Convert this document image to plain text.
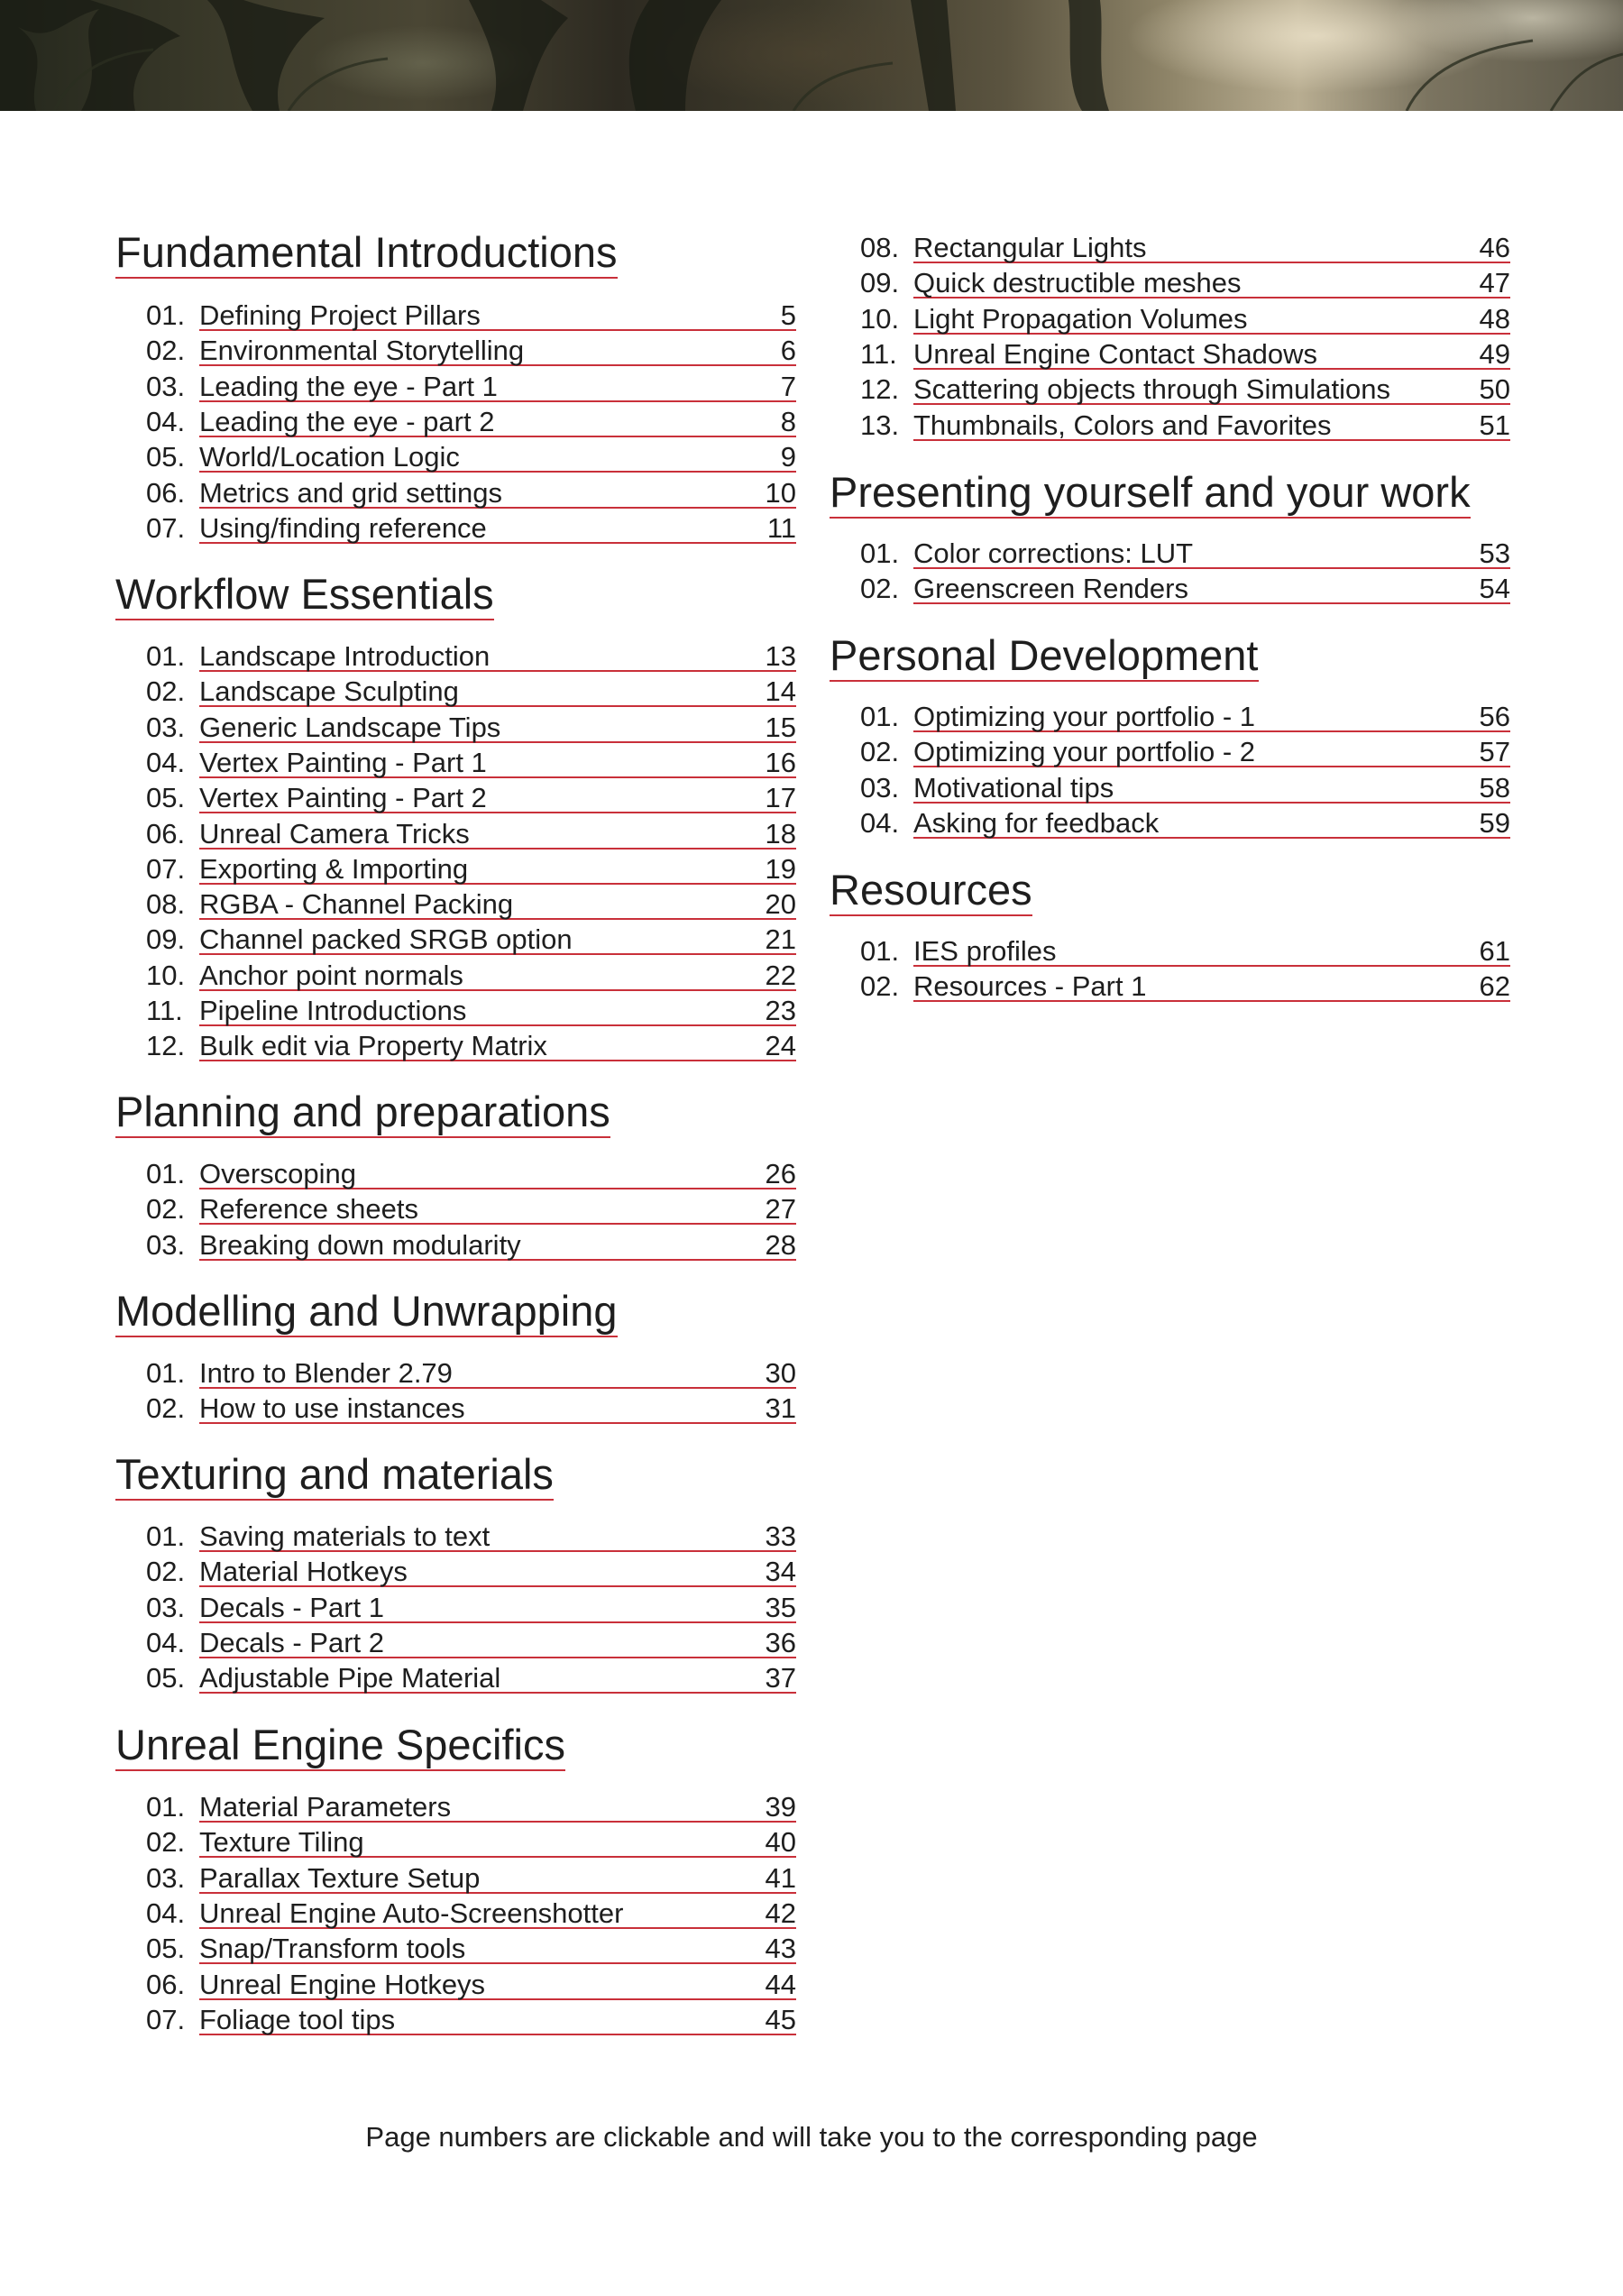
Fundamental Introductions
01. Defining Project Pillars	5
02. Environmental Storytelling	6
03. Leading the eye - Part 1	7
04. Leading the eye - part 2	8
05. World/Location Logic	9
06. Metrics and grid settings	10
07. Using/finding reference	11
Workflow Essentials
01. Landscape Introduction	13
02. Landscape Sculpting	14
03. Generic Landscape Tips	15
04. Vertex Painting - Part 1	16
05. Vertex Painting - Part 2	17
06. Unreal Camera Tricks	18
07. Exporting & Importing	19
08. RGBA - Channel Packing	20
09. Channel packed SRGB option	21
10. Anchor point normals	22
11. Pipeline Introductions	23
12. Bulk edit via Property Matrix	24
Planning and preparations
01. Overscoping	26
02. Reference sheets	27
03. Breaking down modularity	28
Modelling and Unwrapping
01. Intro to Blender 2.79	30
02. How to use instances	31
Texturing and materials
01. Saving materials to text	33
02. Material Hotkeys	34
03. Decals - Part 1	35
04. Decals - Part 2	36
05. Adjustable Pipe Material	37
Unreal Engine Specifics
01. Material Parameters	39
02. Texture Tiling	40
03. Parallax Texture Setup	41
04. Unreal Engine Auto-Screenshotter	42
05. Snap/Transform tools	43
06. Unreal Engine Hotkeys	44
07. Foliage tool tips	45
08. Rectangular Lights	46
09. Quick destructible meshes	47
10. Light Propagation Volumes	48
11. Unreal Engine Contact Shadows	49
12. Scattering objects through Simulations	50
13. Thumbnails, Colors and Favorites	51
Presenting yourself and your work
01. Color corrections: LUT	53
02. Greenscreen Renders	54
Personal Development
01. Optimizing your portfolio - 1	56
02. Optimizing your portfolio - 2	57
03. Motivational tips	58
04. Asking for feedback	59
Resources
01. IES profiles	61
02. Resources - Part 1	62
Page numbers are clickable and will take you to the corresponding page
